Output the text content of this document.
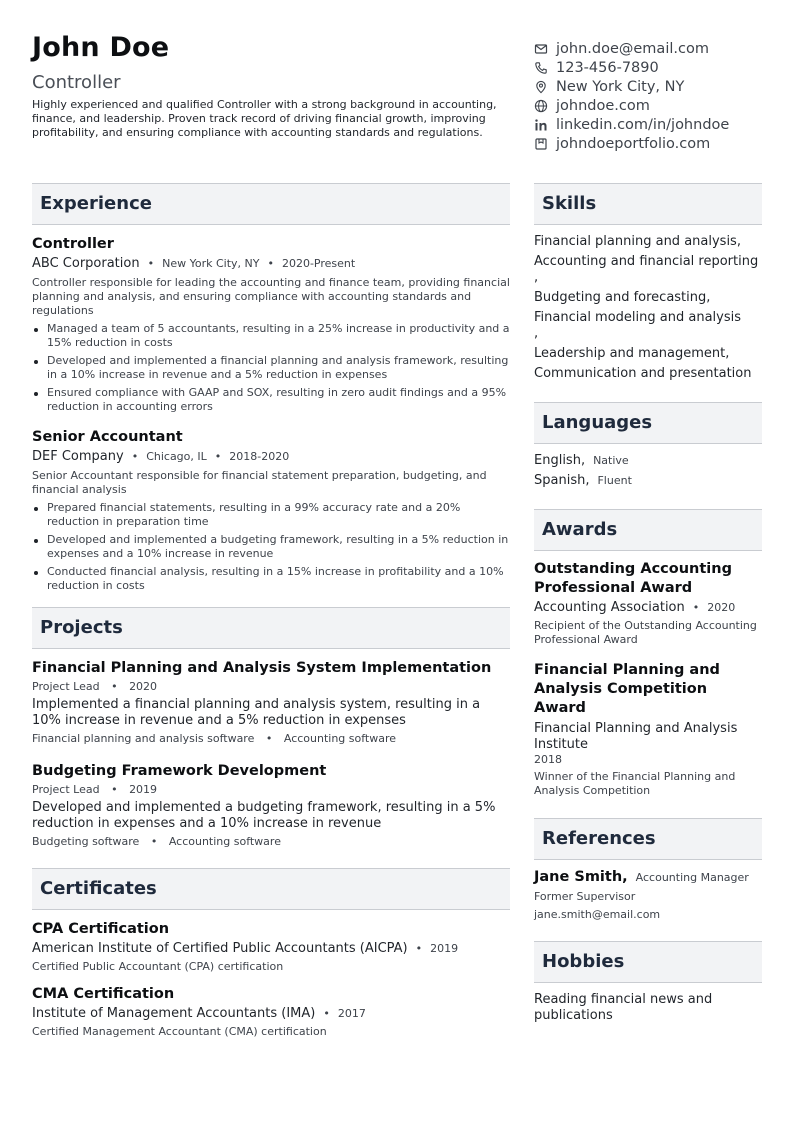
John Doe
Controller
Highly experienced and qualified Controller with a strong background in accounting, finance, and leadership. Proven track record of driving financial growth, improving profitability, and ensuring compliance with accounting standards and regulations.
john.doe@email.com
123-456-7890
New York City, NY
johndoe.com
linkedin.com/in/johndoe
johndoeportfolio.com
Experience
Controller
ABC Corporation • New York City, NY • 2020-Present
Controller responsible for leading the accounting and finance team, providing financial planning and analysis, and ensuring compliance with accounting standards and regulations
Managed a team of 5 accountants, resulting in a 25% increase in productivity and a 15% reduction in costs
Developed and implemented a financial planning and analysis framework, resulting in a 10% increase in revenue and a 5% reduction in expenses
Ensured compliance with GAAP and SOX, resulting in zero audit findings and a 95% reduction in accounting errors
Senior Accountant
DEF Company • Chicago, IL • 2018-2020
Senior Accountant responsible for financial statement preparation, budgeting, and financial analysis
Prepared financial statements, resulting in a 99% accuracy rate and a 20% reduction in preparation time
Developed and implemented a budgeting framework, resulting in a 5% reduction in expenses and a 10% increase in revenue
Conducted financial analysis, resulting in a 15% increase in profitability and a 10% reduction in costs
Projects
Financial Planning and Analysis System Implementation
Project Lead • 2020
Implemented a financial planning and analysis system, resulting in a 10% increase in revenue and a 5% reduction in expenses
Financial planning and analysis software • Accounting software
Budgeting Framework Development
Project Lead • 2019
Developed and implemented a budgeting framework, resulting in a 5% reduction in expenses and a 10% increase in revenue
Budgeting software • Accounting software
Certificates
CPA Certification
American Institute of Certified Public Accountants (AICPA) • 2019
Certified Public Accountant (CPA) certification
CMA Certification
Institute of Management Accountants (IMA) • 2017
Certified Management Accountant (CMA) certification
Skills
Financial planning and analysis,
Accounting and financial reporting
,
Budgeting and forecasting,
Financial modeling and analysis
,
Leadership and management,
Communication and presentation
Languages
English, Native
Spanish, Fluent
Awards
Outstanding Accounting Professional Award
Accounting Association • 2020
Recipient of the Outstanding Accounting Professional Award
Financial Planning and Analysis Competition Award
Financial Planning and Analysis Institute
2018
Winner of the Financial Planning and Analysis Competition
References
Jane Smith, Accounting Manager
Former Supervisor
jane.smith@email.com
Hobbies
Reading financial news and publications
